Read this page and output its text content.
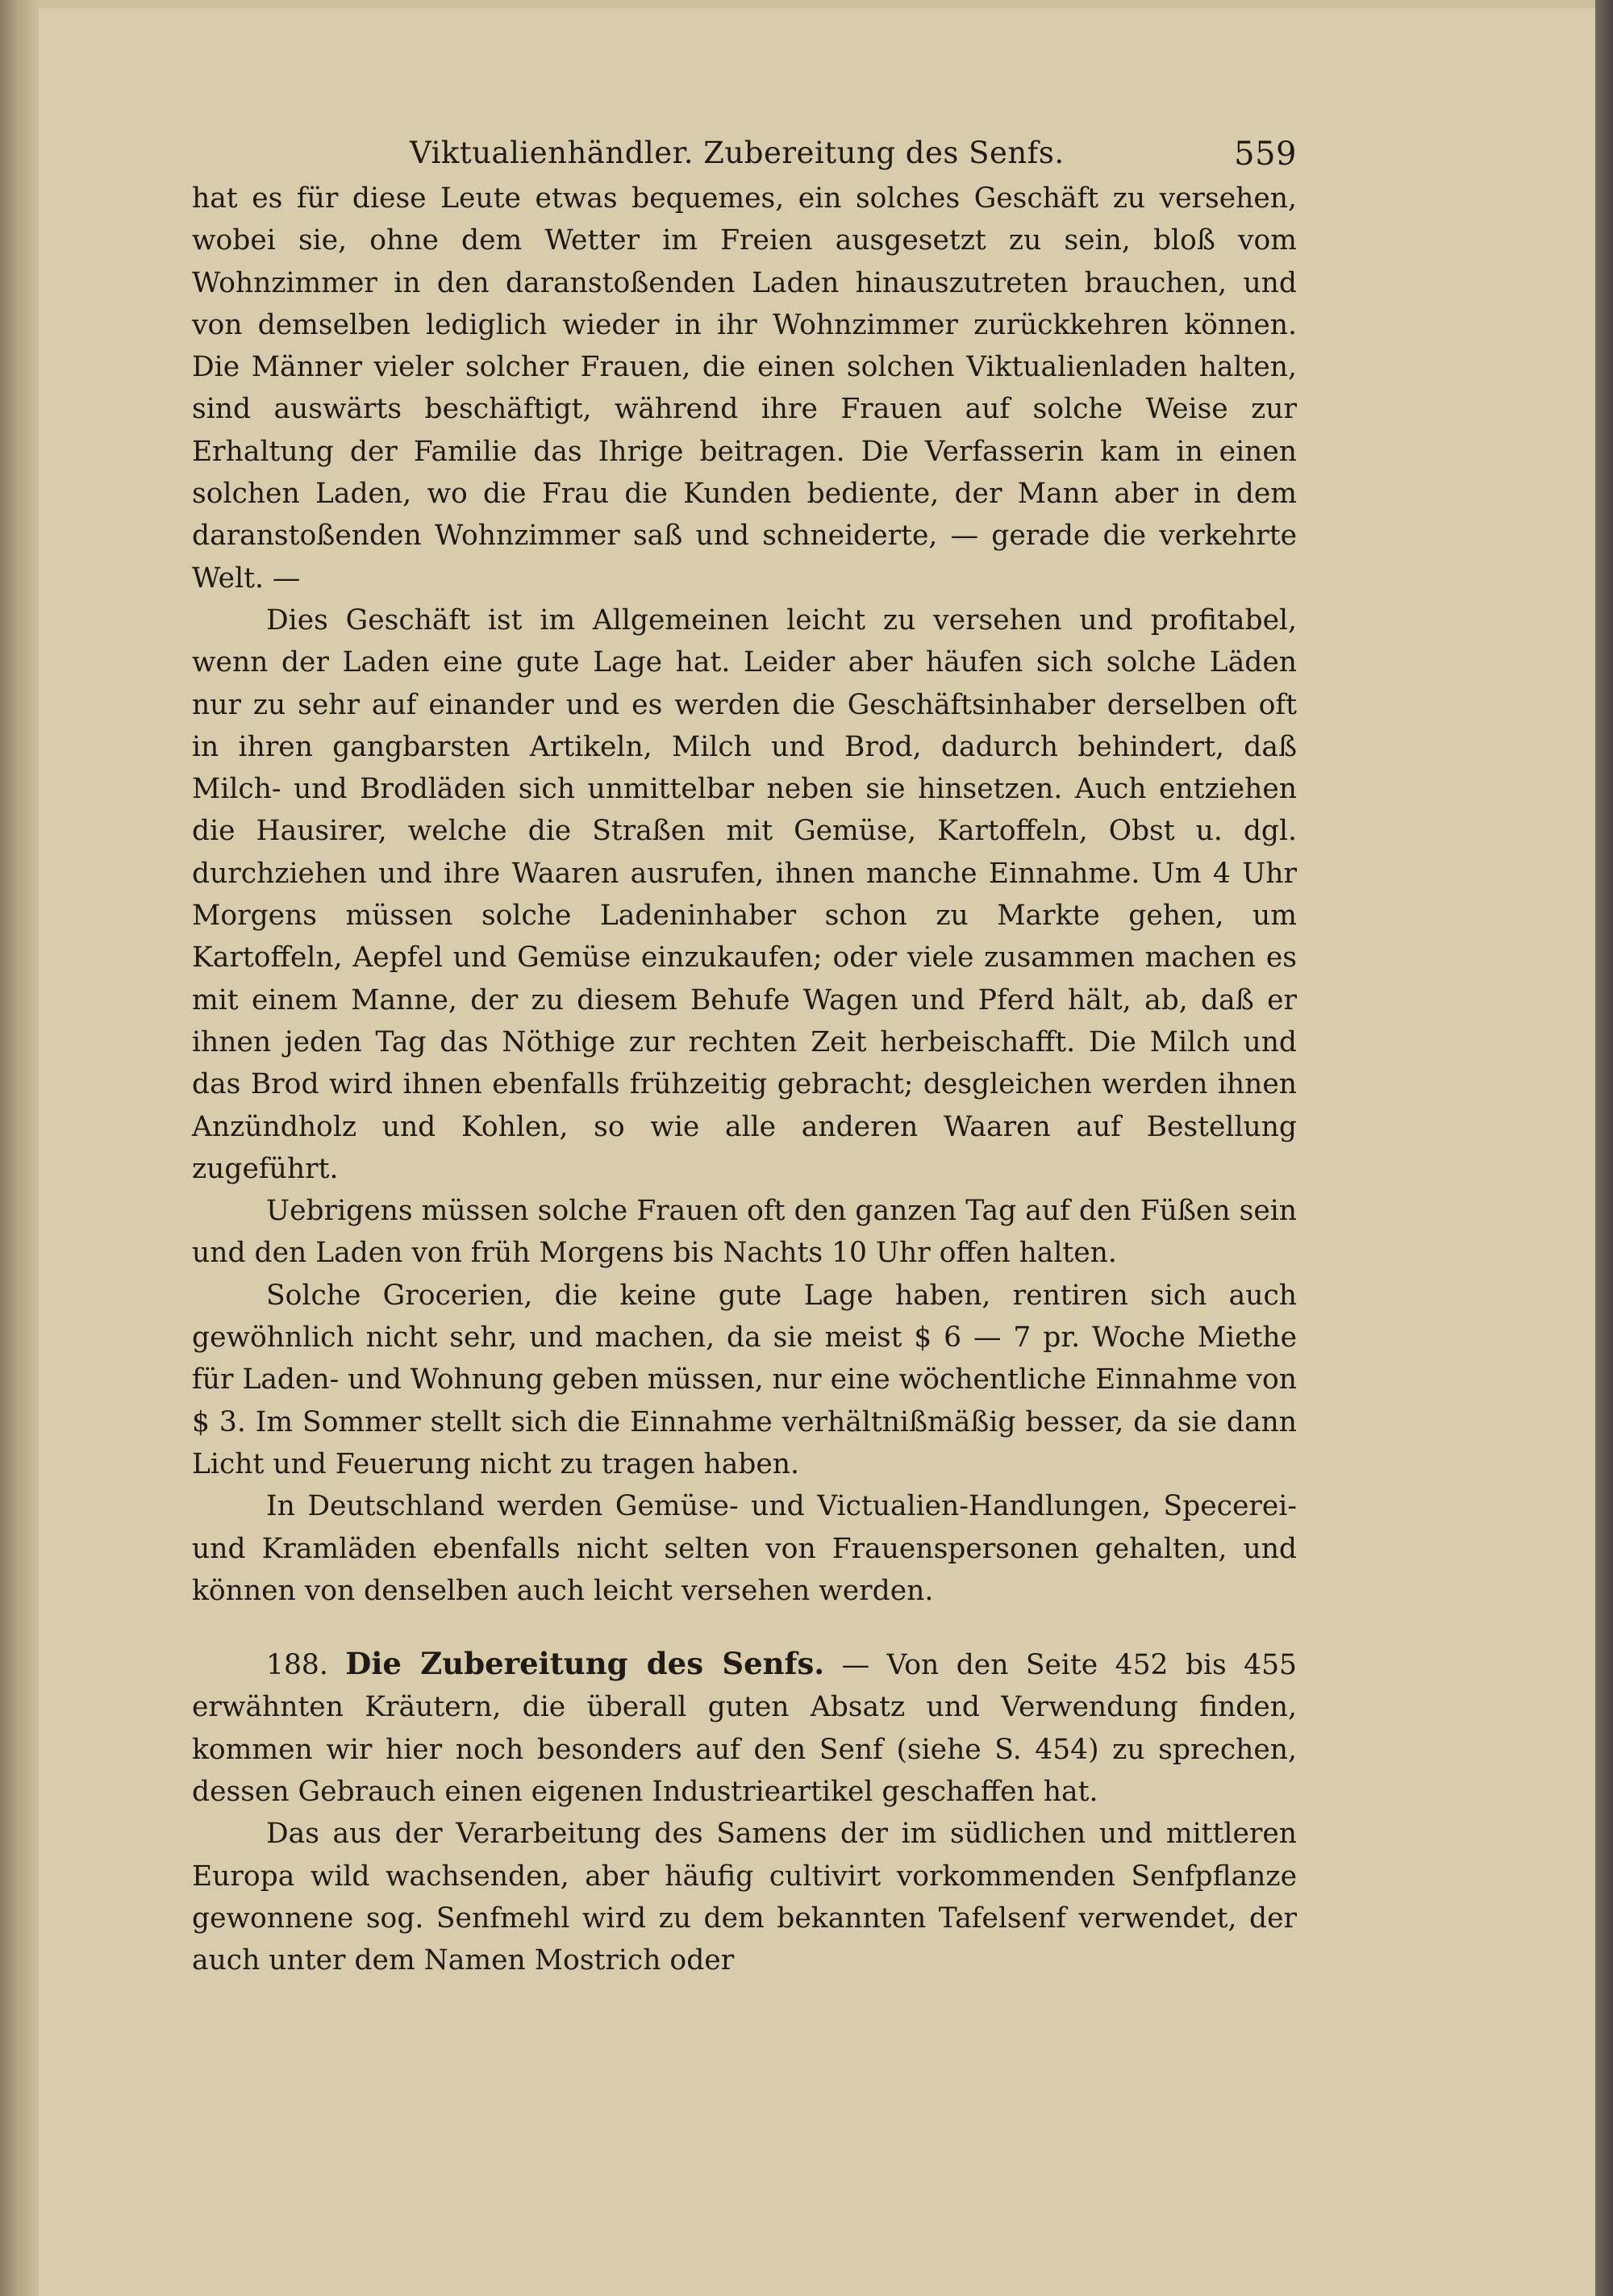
Viktualienhändler. Zubereitung des Senfs.	559

hat es für diese Leute etwas bequemes, ein solches Geschäft zu versehen, wobei sie, ohne dem Wetter im Freien ausgesetzt zu sein, bloß vom Wohnzimmer in den daranstoßenden Laden hinauszutreten brauchen, und von demselben lediglich wieder in ihr Wohnzimmer zurückkehren können. Die Männer vieler solcher Frauen, die einen solchen Viktualienladen halten, sind auswärts beschäftigt, während ihre Frauen auf solche Weise zur Erhaltung der Familie das Ihrige beitragen. Die Verfasserin kam in einen solchen Laden, wo die Frau die Kunden bediente, der Mann aber in dem daranstoßenden Wohnzimmer saß und schneiderte, — gerade die verkehrte Welt. —

Dies Geschäft ist im Allgemeinen leicht zu versehen und profitabel, wenn der Laden eine gute Lage hat. Leider aber häufen sich solche Läden nur zu sehr auf einander und es werden die Geschäftsinhaber derselben oft in ihren gangbarsten Artikeln, Milch und Brod, dadurch behindert, daß Milch- und Brodläden sich unmittelbar neben sie hinsetzen. Auch entziehen die Hausirer, welche die Straßen mit Gemüse, Kartoffeln, Obst u. dgl. durchziehen und ihre Waaren ausrufen, ihnen manche Einnahme. Um 4 Uhr Morgens müssen solche Ladeninhaber schon zu Markte gehen, um Kartoffeln, Aepfel und Gemüse einzukaufen; oder viele zusammen machen es mit einem Manne, der zu diesem Behufe Wagen und Pferd hält, ab, daß er ihnen jeden Tag das Nöthige zur rechten Zeit herbeischafft. Die Milch und das Brod wird ihnen ebenfalls frühzeitig gebracht; desgleichen werden ihnen Anzündholz und Kohlen, so wie alle anderen Waaren auf Bestellung zugeführt.

Uebrigens müssen solche Frauen oft den ganzen Tag auf den Füßen sein und den Laden von früh Morgens bis Nachts 10 Uhr offen halten.

Solche Grocerien, die keine gute Lage haben, rentiren sich auch gewöhnlich nicht sehr, und machen, da sie meist $ 6 — 7 pr. Woche Miethe für Laden- und Wohnung geben müssen, nur eine wöchentliche Einnahme von $ 3. Im Sommer stellt sich die Einnahme verhältnißmäßig besser, da sie dann Licht und Feuerung nicht zu tragen haben.

In Deutschland werden Gemüse- und Victualien-Handlungen, Specerei- und Kramläden ebenfalls nicht selten von Frauenspersonen gehalten, und können von denselben auch leicht versehen werden.

188. Die Zubereitung des Senfs. — Von den Seite 452 bis 455 erwähnten Kräutern, die überall guten Absatz und Verwendung finden, kommen wir hier noch besonders auf den Senf (siehe S. 454) zu sprechen, dessen Gebrauch einen eigenen Industrieartikel geschaffen hat.

Das aus der Verarbeitung des Samens der im südlichen und mittleren Europa wild wachsenden, aber häufig cultivirt vorkommenden Senfpflanze gewonnene sog. Senfmehl wird zu dem bekannten Tafelsenf verwendet, der auch unter dem Namen Mostrich oder
